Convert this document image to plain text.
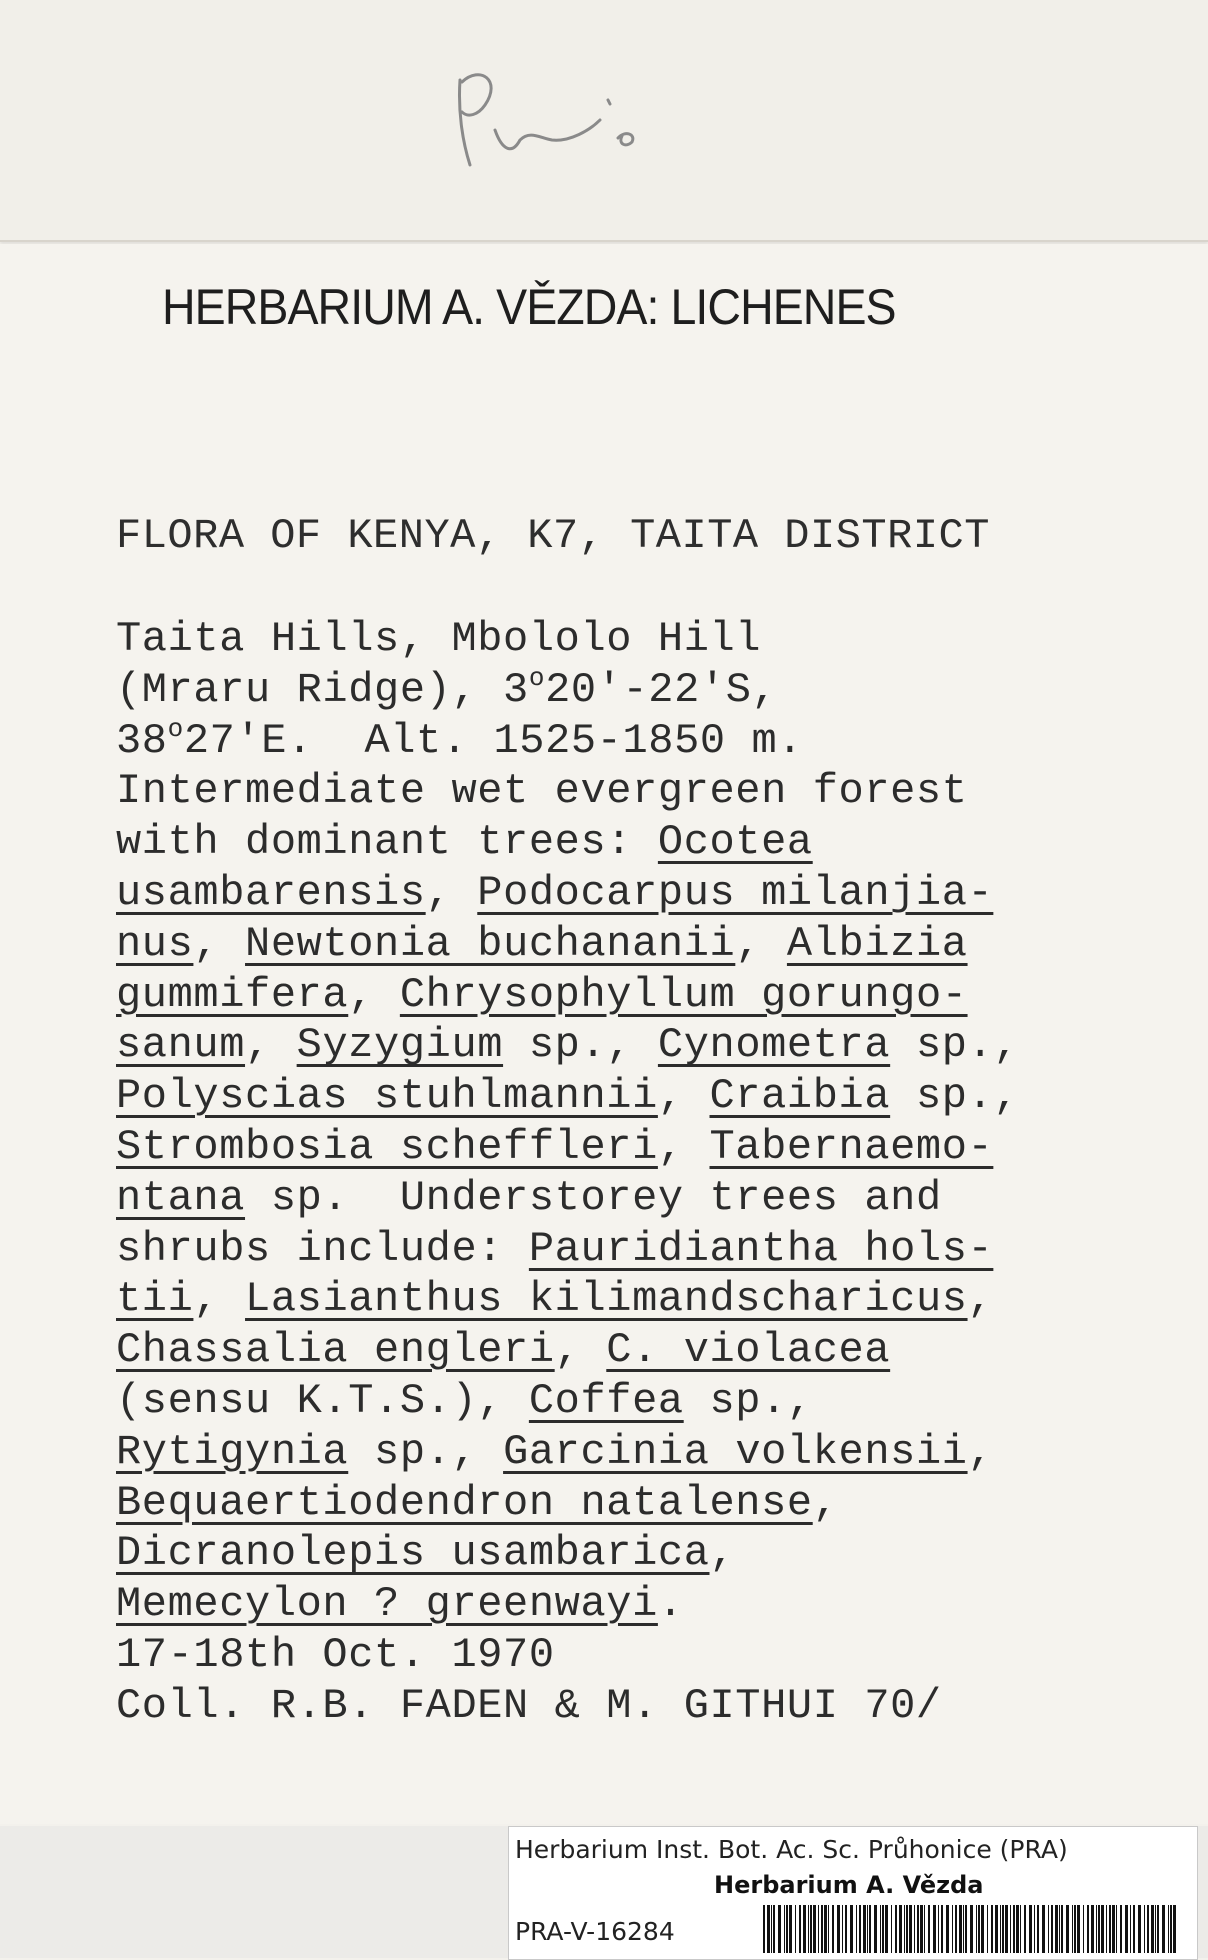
HERBARIUM A. VĚZDA: LICHENES
FLORA OF KENYA, K7, TAITA DISTRICT
Taita Hills, Mbololo Hill
(Mraru Ridge), 3$^o$20'-22'S,
38$^o$27'E.  Alt. 1525-1850 m.
Intermediate wet evergreen forest
with dominant trees: Ocotea
usambarensis, Podocarpus milanjia-
nus, Newtonia buchananii, Albizia
gummifera, Chrysophyllum gorungo-
sanum, Syzygium sp., Cynometra sp.,
Polyscias stuhlmannii, Craibia sp.,
Strombosia scheffleri, Tabernaemo-
ntana sp.  Understorey trees and
shrubs include: Pauridiantha hols-
tii, Lasianthus kilimandscharicus,
Chassalia engleri, C. violacea
(sensu K.T.S.), Coffea sp.,
Rytigynia sp., Garcinia volkensii,
Bequaertiodendron natalense,
Dicranolepis usambarica,
Memecylon ? greenwayi.
17-18th Oct. 1970
Coll. R.B. FADEN & M. GITHUI 70/
Herbarium Inst. Bot. Ac. Sc. Průhonice (PRA)
Herbarium A. Vězda
PRA-V-16284
